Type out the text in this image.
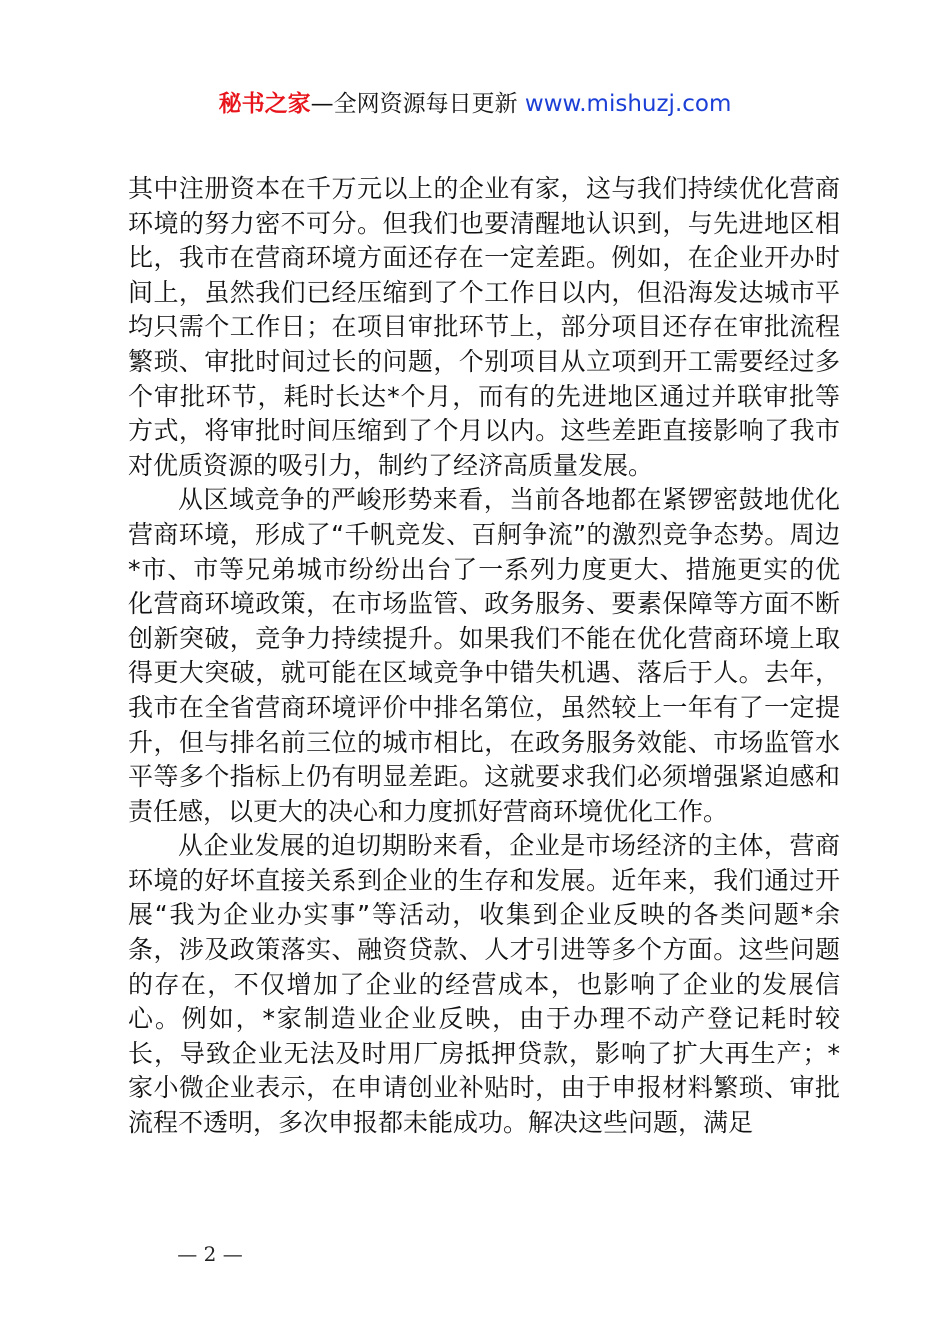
秘书之家—全网资源每日更新 www.mishuzj.com

其中注册资本在千万元以上的企业有家，这与我们持续优化营商环境的努力密不可分。但我们也要清醒地认识到，与先进地区相比，我市在营商环境方面还存在一定差距。例如，在企业开办时间上，虽然我们已经压缩到了个工作日以内，但沿海发达城市平均只需个工作日；在项目审批环节上，部分项目还存在审批流程繁琐、审批时间过长的问题，个别项目从立项到开工需要经过多个审批环节，耗时长达*个月，而有的先进地区通过并联审批等方式，将审批时间压缩到了个月以内。这些差距直接影响了我市对优质资源的吸引力，制约了经济高质量发展。

从区域竞争的严峻形势来看，当前各地都在紧锣密鼓地优化营商环境，形成了“千帆竞发、百舸争流”的激烈竞争态势。周边*市、市等兄弟城市纷纷出台了一系列力度更大、措施更实的优化营商环境政策，在市场监管、政务服务、要素保障等方面不断创新突破，竞争力持续提升。如果我们不能在优化营商环境上取得更大突破，就可能在区域竞争中错失机遇、落后于人。去年，我市在全省营商环境评价中排名第位，虽然较上一年有了一定提升，但与排名前三位的城市相比，在政务服务效能、市场监管水平等多个指标上仍有明显差距。这就要求我们必须增强紧迫感和责任感，以更大的决心和力度抓好营商环境优化工作。

从企业发展的迫切期盼来看，企业是市场经济的主体，营商环境的好坏直接关系到企业的生存和发展。近年来，我们通过开展“我为企业办实事”等活动，收集到企业反映的各类问题*余条，涉及政策落实、融资贷款、人才引进等多个方面。这些问题的存在，不仅增加了企业的经营成本，也影响了企业的发展信心。例如，*家制造业企业反映，由于办理不动产登记耗时较长，导致企业无法及时用厂房抵押贷款，影响了扩大再生产；*家小微企业表示，在申请创业补贴时，由于申报材料繁琐、审批流程不透明，多次申报都未能成功。解决这些问题，满足

— 2 —
